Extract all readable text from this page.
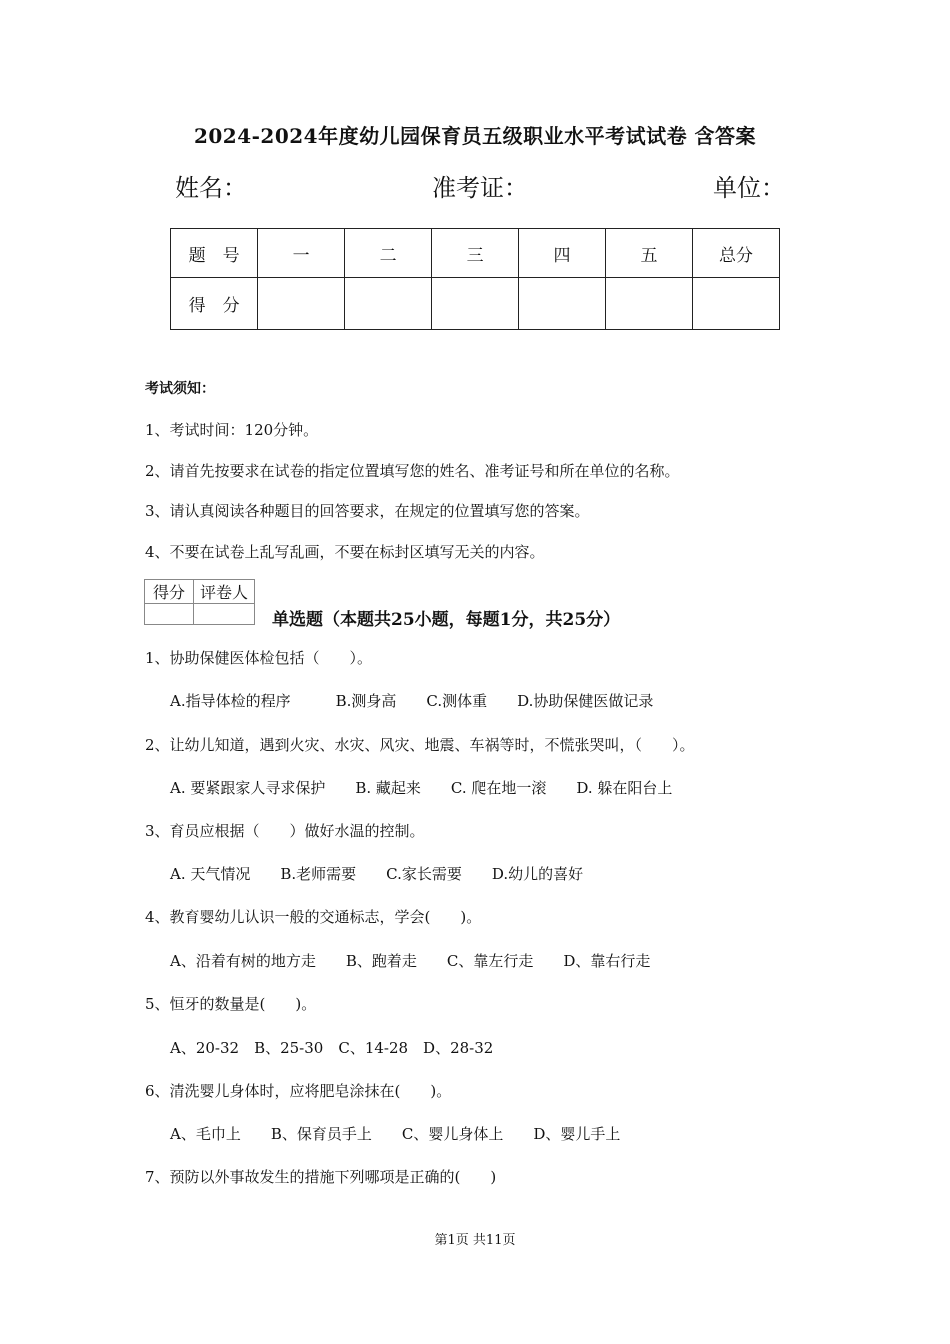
2024-2024年度幼儿园保育员五级职业水平考试试卷 含答案
姓名：	准考证：	单位：
题　号	一	二	三	四	五	总分
得　分						
考试须知：
1、考试时间：120分钟。
2、请首先按要求在试卷的指定位置填写您的姓名、准考证号和所在单位的名称。
3、请认真阅读各种题目的回答要求，在规定的位置填写您的答案。
4、不要在试卷上乱写乱画，不要在标封区填写无关的内容。
得分	评卷人

单选题（本题共25小题，每题1分，共25分）
1、协助保健医体检包括（　　）。
A.指导体检的程序　　　B.测身高　　C.测体重　　D.协助保健医做记录
2、让幼儿知道，遇到火灾、水灾、风灾、地震、车祸等时，不慌张哭叫，（　　）。
A. 要紧跟家人寻求保护　　B. 藏起来　　C. 爬在地一滚　　D. 躲在阳台上
3、育员应根据（　　）做好水温的控制。
A. 天气情况　　B.老师需要　　C.家长需要　　D.幼儿的喜好
4、教育婴幼儿认识一般的交通标志，学会(　　)。
A、沿着有树的地方走　　B、跑着走　　C、靠左行走　　D、靠右行走
5、恒牙的数量是(　　)。
A、20-32　B、25-30　C、14-28　D、28-32
6、清洗婴儿身体时，应将肥皂涂抹在(　　)。
A、毛巾上　　B、保育员手上　　C、婴儿身体上　　D、婴儿手上
7、预防以外事故发生的措施下列哪项是正确的(　　)
第1页 共11页
